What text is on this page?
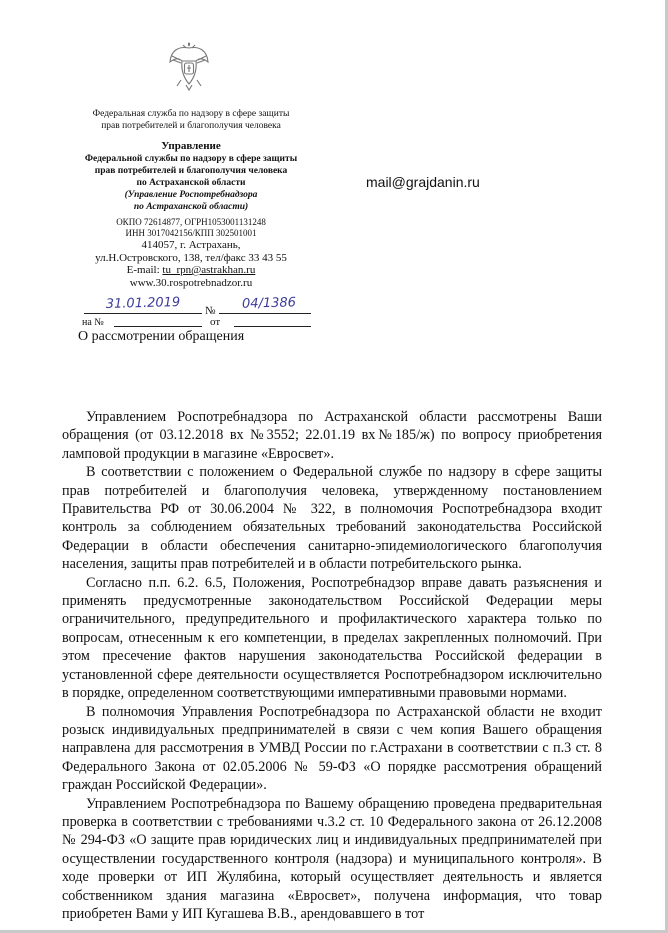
Федеральная служба по надзору в сфере защиты
прав потребителей и благополучия человека
Управление
Федеральной службы по надзору в сфере защиты
прав потребителей и благополучия человека
по Астраханской области
(Управление Роспотребнадзора
по Астраханской области)
ОКПО 72614877, ОГРН1053001131248
ИНН 3017042156/КПП 302501001
414057, г. Астрахань,
ул.Н.Островского, 138, тел/факс 33 43 55
E-mail: tu_rpn@astrakhan.ru
www.30.rospotrebnadzor.ru
mail@grajdanin.ru
31.01.2019	№	04/1386
на №	от
О рассмотрении обращения

Управлением Роспотребнадзора по Астраханской области рассмотрены Ваши обращения (от 03.12.2018 вх №3552; 22.01.19 вх№185/ж) по вопросу приобретения ламповой продукции в магазине «Евросвет».

В соответствии с положением о Федеральной службе по надзору в сфере защиты прав потребителей и благополучия человека, утвержденному постановлением Правительства РФ от 30.06.2004 № 322, в полномочия Роспотребнадзора входит контроль за соблюдением обязательных требований законодательства Российской Федерации в области обеспечения санитарно-эпидемиологического благополучия населения, защиты прав потребителей и в области потребительского рынка.

Согласно п.п. 6.2. 6.5, Положения, Роспотребнадзор вправе давать разъяснения и применять предусмотренные законодательством Российской Федерации меры ограничительного, предупредительного и профилактического характера только по вопросам, отнесенным к его компетенции, в пределах закрепленных полномочий. При этом пресечение фактов нарушения законодательства Российской федерации в установленной сфере деятельности осуществляется Роспотребнадзором исключительно в порядке, определенном соответствующими императивными правовыми нормами.

В полномочия Управления Роспотребнадзора по Астраханской области не входит розыск индивидуальных предпринимателей в связи с чем копия Вашего обращения направлена для рассмотрения в УМВД России по г.Астрахани в соответствии с п.3 ст. 8 Федерального Закона от 02.05.2006 № 59-ФЗ «О порядке рассмотрения обращений граждан Российской Федерации».

Управлением Роспотребнадзора по Вашему обращению проведена предварительная проверка в соответствии с требованиями ч.3.2 ст. 10 Федерального закона от 26.12.2008 № 294-ФЗ «О защите прав юридических лиц и индивидуальных предпринимателей при осуществлении государственного контроля (надзора) и муниципального контроля». В ходе проверки от ИП Жулябина, который осуществляет деятельность и является собственником здания магазина «Евросвет», получена информация, что товар приобретен Вами у ИП Кугашева В.В., арендовавшего в тот
